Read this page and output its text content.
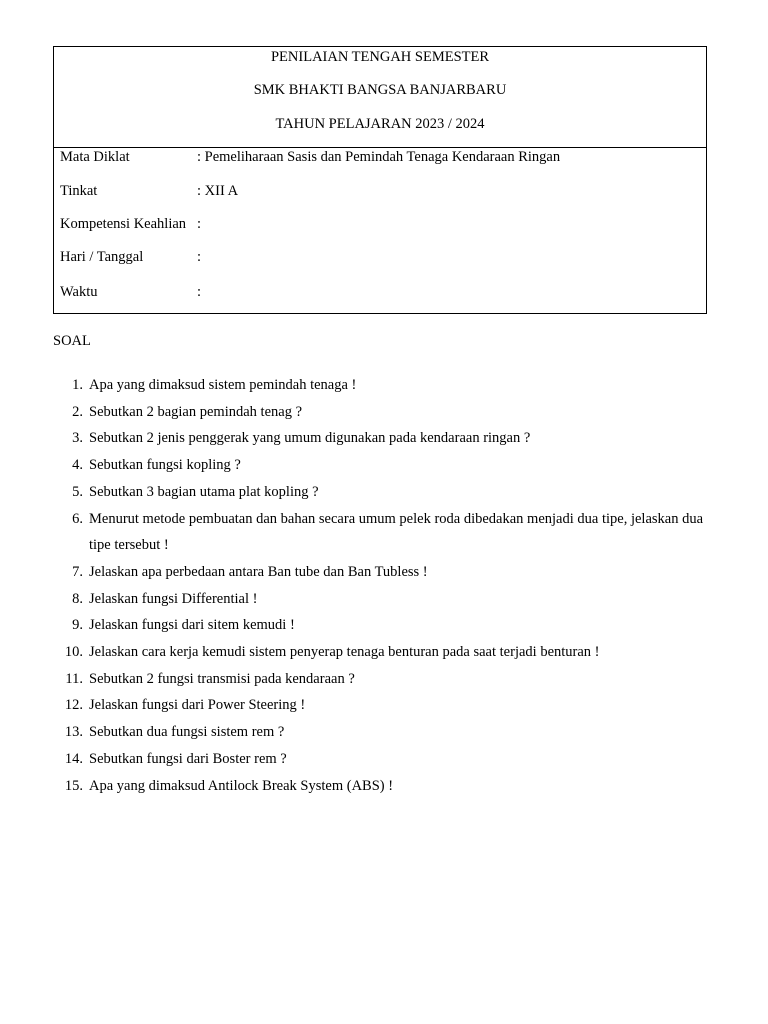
PENILAIAN TENGAH SEMESTER
SMK BHAKTI BANGSA BANJARBARU
TAHUN PELAJARAN 2023 / 2024
Mata Diklat	: Pemeliharaan Sasis dan Pemindah Tenaga Kendaraan Ringan
Tinkat	: XII A
Kompetensi Keahlian :
Hari / Tanggal	:
Waktu	:
SOAL
1. Apa yang dimaksud sistem pemindah tenaga !
2. Sebutkan 2 bagian pemindah tenag ?
3. Sebutkan 2 jenis penggerak yang umum digunakan pada kendaraan ringan ?
4. Sebutkan fungsi kopling ?
5. Sebutkan 3 bagian utama plat kopling ?
6. Menurut metode pembuatan dan bahan secara umum pelek roda dibedakan menjadi dua tipe, jelaskan dua tipe tersebut !
7. Jelaskan apa perbedaan antara Ban tube dan Ban Tubless !
8. Jelaskan fungsi Differential !
9. Jelaskan fungsi dari sitem kemudi !
10. Jelaskan cara kerja kemudi sistem penyerap tenaga benturan pada saat terjadi benturan !
11. Sebutkan 2 fungsi transmisi pada kendaraan ?
12. Jelaskan fungsi dari Power Steering !
13. Sebutkan dua fungsi sistem rem ?
14. Sebutkan fungsi dari Boster rem ?
15. Apa yang dimaksud Antilock Break System (ABS) !
